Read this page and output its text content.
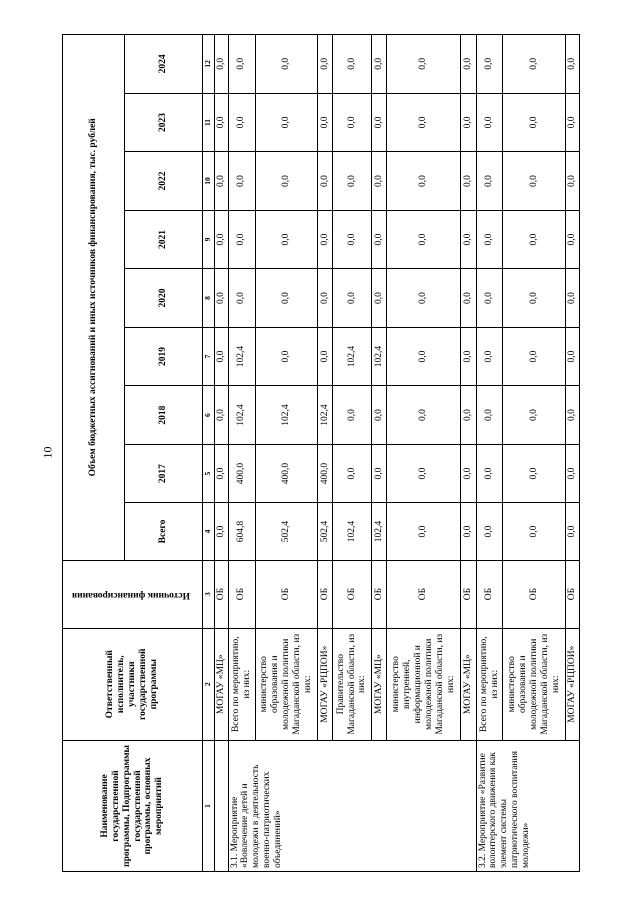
10
Наименование государственной программы, Подпрограммы государственной программы, основных мероприятий	Ответственный исполнитель, участники государственной программы	Источник финансирования	Объем бюджетных ассигнований и иных источников финансирования, тыс. рублей								
			Всего	2017	2018	2019	2020	2021	2022	2023	2024
1	2	3	4	5	6	7	8	9	10	11	12
	МОГАУ «МЦ»	ОБ	0,0	0,0	0,0	0,0	0,0	0,0	0,0	0,0	0,0
3.1. Мероприятие «Вовлечение детей и молодежи в деятельность военно-патриотических объединений»	Всего по мероприятию, из них:	ОБ	604,8	400,0	102,4	102,4	0,0	0,0	0,0	0,0	0,0
	министерство образования и молодежной политики Магаданской области, из них:	ОБ	502,4	400,0	102,4	0,0	0,0	0,0	0,0	0,0	0,0
	МОГАУ «РЦПОИ»	ОБ	502,4	400,0	102,4	0,0	0,0	0,0	0,0	0,0	0,0
	Правительство Магаданской области, из них:	ОБ	102,4	0,0	0,0	102,4	0,0	0,0	0,0	0,0	0,0
	МОГАУ «МЦ»	ОБ	102,4	0,0	0,0	102,4	0,0	0,0	0,0	0,0	0,0
	министерство внутренней, информационной и молодежной политики Магаданской области, из них:	ОБ	0,0	0,0	0,0	0,0	0,0	0,0	0,0	0,0	0,0
	МОГАУ «МЦ»	ОБ	0,0	0,0	0,0	0,0	0,0	0,0	0,0	0,0	0,0
3.2. Мероприятие «Развитие волонтерского движения как элемент системы патриотического воспитания молодежи»	Всего по мероприятию, из них:	ОБ	0,0	0,0	0,0	0,0	0,0	0,0	0,0	0,0	0,0
	министерство образования и молодежной политики Магаданской области, из них:	ОБ	0,0	0,0	0,0	0,0	0,0	0,0	0,0	0,0	0,0
	МОГАУ «РЦПОИ»	ОБ	0,0	0,0	0,0	0,0	0,0	0,0	0,0	0,0	0,0
